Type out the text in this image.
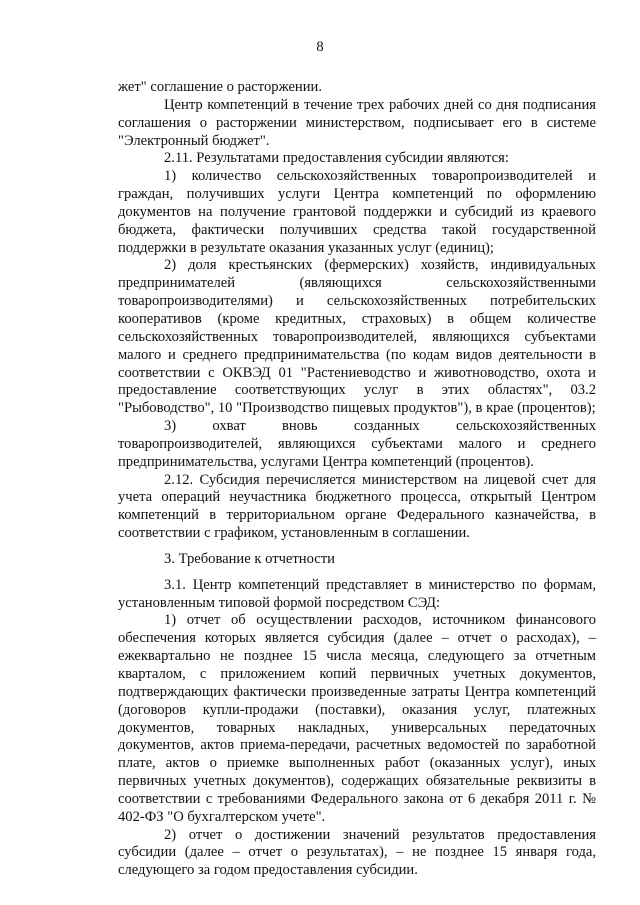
8

жет" соглашение о расторжении.

Центр компетенций в течение трех рабочих дней со дня подписания соглашения о расторжении министерством, подписывает его в системе "Электронный бюджет".

2.11. Результатами предоставления субсидии являются:

1) количество сельскохозяйственных товаропроизводителей и граждан, получивших услуги Центра компетенций по оформлению документов на получение грантовой поддержки и субсидий из краевого бюджета, фактически получивших средства такой государственной поддержки в результате оказания указанных услуг (единиц);

2) доля крестьянских (фермерских) хозяйств, индивидуальных предпринимателей (являющихся сельскохозяйственными товаропроизводителями) и сельскохозяйственных потребительских кооперативов (кроме кредитных, страховых) в общем количестве сельскохозяйственных товаропроизводителей, являющихся субъектами малого и среднего предпринимательства (по кодам видов деятельности в соответствии с ОКВЭД 01 "Растениеводство и животноводство, охота и предоставление соответствующих услуг в этих областях", 03.2 "Рыбоводство", 10 "Производство пищевых продуктов"), в крае (процентов);

3) охват вновь созданных сельскохозяйственных товаропроизводителей, являющихся субъектами малого и среднего предпринимательства, услугами Центра компетенций (процентов).

2.12. Субсидия перечисляется министерством на лицевой счет для учета операций неучастника бюджетного процесса, открытый Центром компетенций в территориальном органе Федерального казначейства, в соответствии с графиком, установленным в соглашении.

3. Требование к отчетности

3.1. Центр компетенций представляет в министерство по формам, установленным типовой формой посредством СЭД:

1) отчет об осуществлении расходов, источником финансового обеспечения которых является субсидия (далее – отчет о расходах), – ежеквартально не позднее 15 числа месяца, следующего за отчетным кварталом, с приложением копий первичных учетных документов, подтверждающих фактически произведенные затраты Центра компетенций (договоров купли-продажи (поставки), оказания услуг, платежных документов, товарных накладных, универсальных передаточных документов, актов приема-передачи, расчетных ведомостей по заработной плате, актов о приемке выполненных работ (оказанных услуг), иных первичных учетных документов), содержащих обязательные реквизиты в соответствии с требованиями Федерального закона от 6 декабря 2011 г. № 402-ФЗ "О бухгалтерском учете".

2) отчет о достижении значений результатов предоставления субсидии (далее – отчет о результатах), – не позднее 15 января года, следующего за годом предоставления субсидии.
